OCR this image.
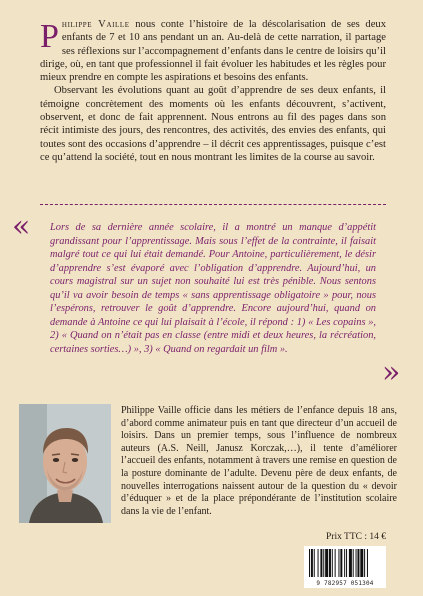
Philippe Vaille nous conte l’histoire de la déscolarisation de ses deux enfants de 7 et 10 ans pendant un an. Au-delà de cette narration, il partage ses réflexions sur l’accompagnement d’enfants dans le centre de loisirs qu’il dirige, où, en tant que professionnel il fait évoluer les habitudes et les règles pour mieux prendre en compte les aspirations et besoins des enfants.

Observant les évolutions quant au goût d’apprendre de ses deux enfants, il témoigne concrètement des moments où les enfants découvrent, s’activent, observent, et donc de fait apprennent. Nous entrons au fil des pages dans son récit intimiste des jours, des rencontres, des activités, des envies des enfants, qui toutes sont des occasions d’apprendre – il décrit ces apprentissages, puisque c’est ce qu’attend la société, tout en nous montrant les limites de la course au savoir.

« Lors de sa dernière année scolaire, il a montré un manque d’appétit grandissant pour l’apprentissage. Mais sous l’effet de la contrainte, il faisait malgré tout ce qui lui était demandé. Pour Antoine, particulièrement, le désir d’apprendre s’est évaporé avec l’obligation d’apprendre. Aujourd’hui, un cours magistral sur un sujet non souhaité lui est très pénible. Nous sentons qu’il va avoir besoin de temps « sans apprentissage obligatoire » pour, nous l’espérons, retrouver le goût d’apprendre. Encore aujourd’hui, quand on demande à Antoine ce qui lui plaisait à l’école, il répond : 1) « Les copains », 2) « Quand on n’était pas en classe (entre midi et deux heures, la récréation, certaines sorties…) », 3) « Quand on regardait un film ».

»

Philippe Vaille officie dans les métiers de l’enfance depuis 18 ans, d’abord comme animateur puis en tant que directeur d’un accueil de loisirs. Dans un premier temps, sous l’influence de nombreux auteurs (A.S. Neill, Janusz Korczak,…), il tente d’améliorer l’accueil des enfants, notamment à travers une remise en question de la posture dominante de l’adulte. Devenu père de deux enfants, de nouvelles interrogations naissent autour de la question du « devoir d’éduquer » et de la place prépondérante de l’institution scolaire dans la vie de l’enfant.

Prix TTC : 14 €
9 782957 051304
